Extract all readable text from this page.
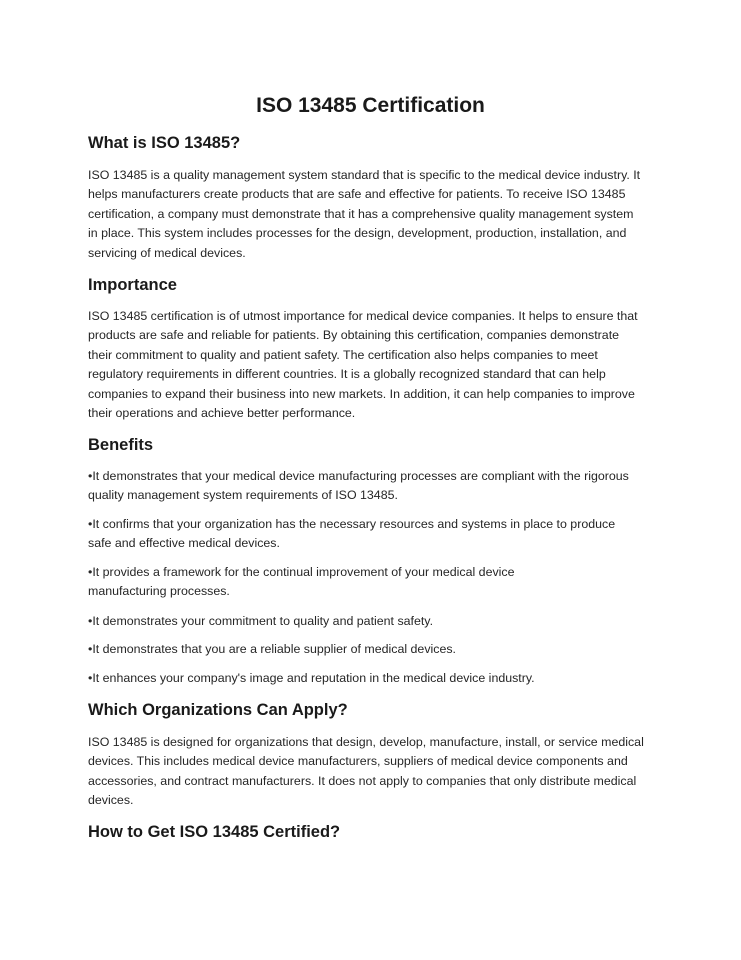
ISO 13485 Certification
What is ISO 13485?

ISO 13485 is a quality management system standard that is specific to the medical device industry. It helps manufacturers create products that are safe and effective for patients. To receive ISO 13485 certification, a company must demonstrate that it has a comprehensive quality management system in place. This system includes processes for the design, development, production, installation, and servicing of medical devices.

Importance

ISO 13485 certification is of utmost importance for medical device companies. It helps to ensure that products are safe and reliable for patients. By obtaining this certification, companies demonstrate their commitment to quality and patient safety. The certification also helps companies to meet regulatory requirements in different countries. It is a globally recognized standard that can help companies to expand their business into new markets. In addition, it can help companies to improve their operations and achieve better performance.

Benefits

•It demonstrates that your medical device manufacturing processes are compliant with the rigorous quality management system requirements of ISO 13485.

•It confirms that your organization has the necessary resources and systems in place to produce safe and effective medical devices.

•It provides a framework for the continual improvement of your medical device manufacturing processes.

•It demonstrates your commitment to quality and patient safety.

•It demonstrates that you are a reliable supplier of medical devices.

•It enhances your company's image and reputation in the medical device industry.

Which Organizations Can Apply?

ISO 13485 is designed for organizations that design, develop, manufacture, install, or service medical devices. This includes medical device manufacturers, suppliers of medical device components and accessories, and contract manufacturers. It does not apply to companies that only distribute medical devices.

How to Get ISO 13485 Certified?
